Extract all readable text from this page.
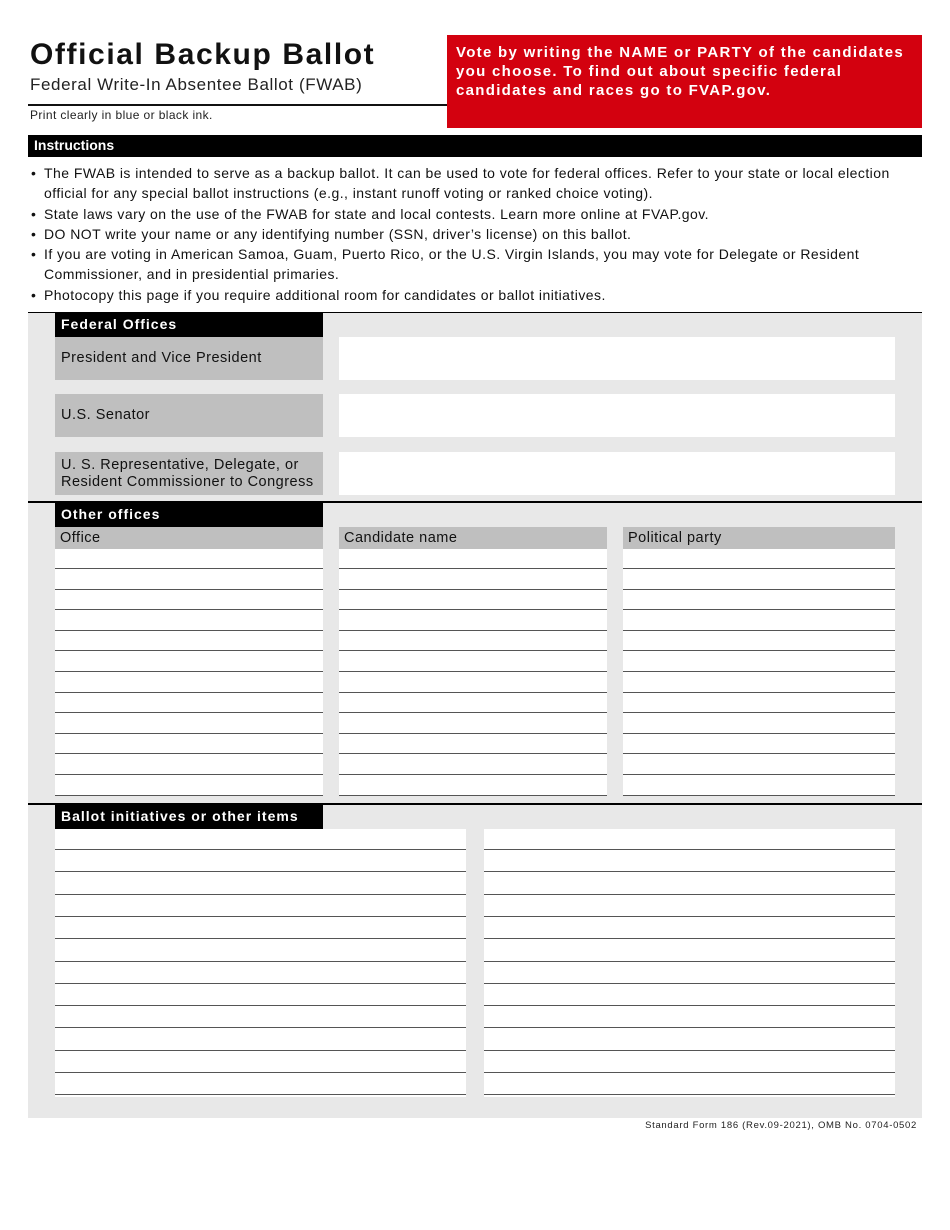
Official Backup Ballot
Federal Write-In Absentee Ballot (FWAB)
Print clearly in blue or black ink.
Vote by writing the NAME or PARTY of the candidates you choose. To find out about specific federal candidates and races go to FVAP.gov.
Instructions
• The FWAB is intended to serve as a backup ballot. It can be used to vote for federal offices. Refer to your state or local election official for any special ballot instructions (e.g., instant runoff voting or ranked choice voting).
• State laws vary on the use of the FWAB for state and local contests. Learn more online at FVAP.gov.
• DO NOT write your name or any identifying number (SSN, driver’s license) on this ballot.
• If you are voting in American Samoa, Guam, Puerto Rico, or the U.S. Virgin Islands, you may vote for Delegate or Resident Commissioner, and in presidential primaries.
• Photocopy this page if you require additional room for candidates or ballot initiatives.
Federal Offices
President and Vice President
U.S. Senator
U. S. Representative, Delegate, or Resident Commissioner to Congress
Other offices
Office	Candidate name	Political party
Ballot initiatives or other items
Standard Form 186 (Rev.09-2021), OMB No. 0704-0502
